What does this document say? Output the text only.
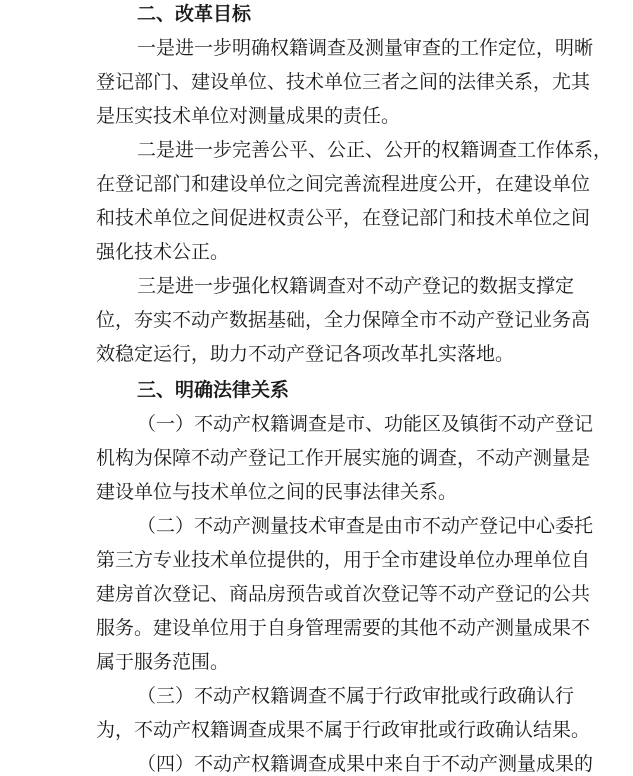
二、改革目标
一是进一步明确权籍调查及测量审查的工作定位，明晰
登记部门、建设单位、技术单位三者之间的法律关系，尤其
是压实技术单位对测量成果的责任。
二是进一步完善公平、公正、公开的权籍调查工作体系，
在登记部门和建设单位之间完善流程进度公开，在建设单位
和技术单位之间促进权责公平，在登记部门和技术单位之间
强化技术公正。
三是进一步强化权籍调查对不动产登记的数据支撑定
位，夯实不动产数据基础，全力保障全市不动产登记业务高
效稳定运行，助力不动产登记各项改革扎实落地。
三、明确法律关系
（一）不动产权籍调查是市、功能区及镇街不动产登记
机构为保障不动产登记工作开展实施的调查，不动产测量是
建设单位与技术单位之间的民事法律关系。
（二）不动产测量技术审查是由市不动产登记中心委托
第三方专业技术单位提供的，用于全市建设单位办理单位自
建房首次登记、商品房预告或首次登记等不动产登记的公共
服务。建设单位用于自身管理需要的其他不动产测量成果不
属于服务范围。
（三）不动产权籍调查不属于行政审批或行政确认行
为，不动产权籍调查成果不属于行政审批或行政确认结果。
（四）不动产权籍调查成果中来自于不动产测量成果的
